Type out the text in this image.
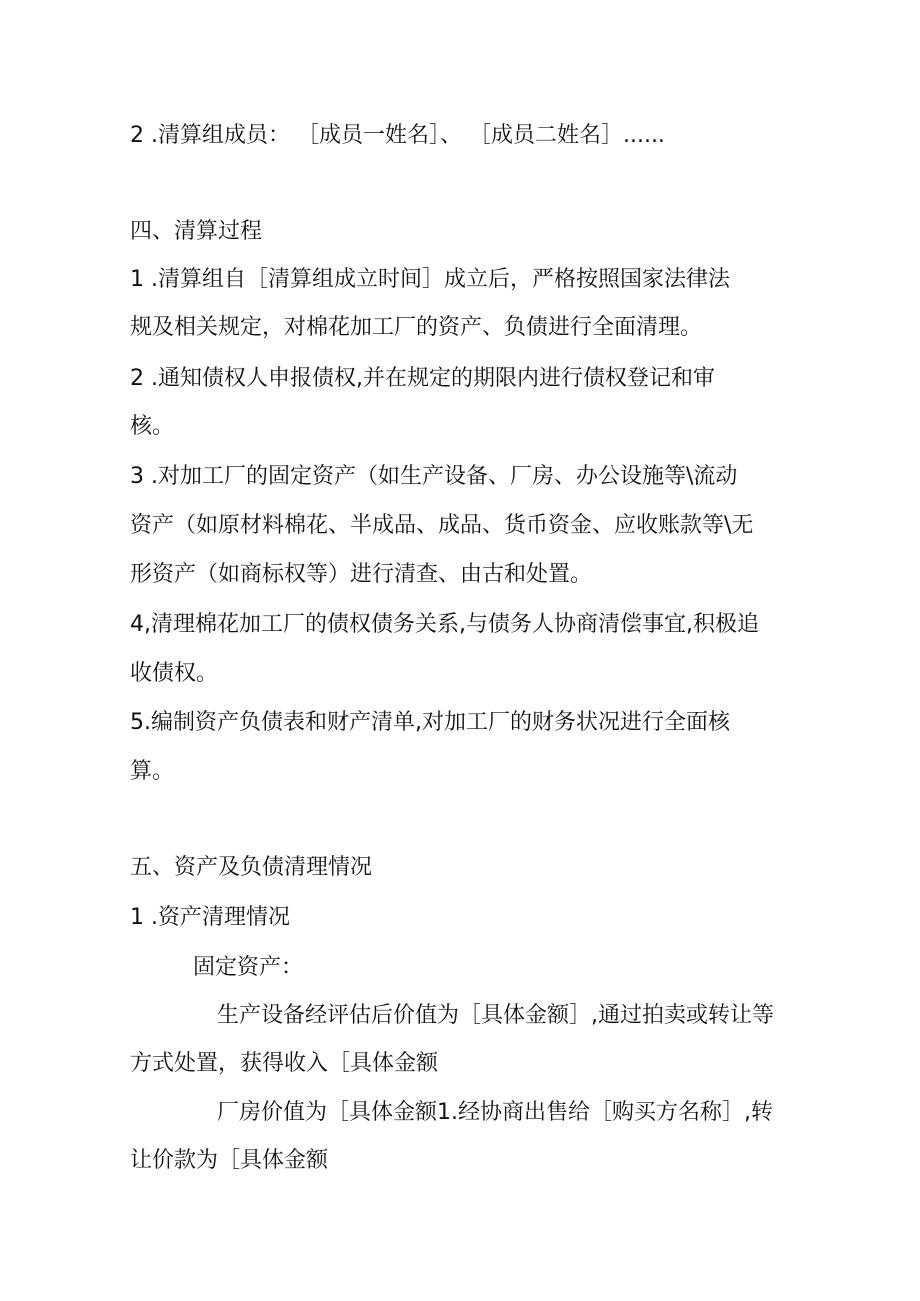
2 .清算组成员： ［成员一姓名］、 ［成员二姓名］......
四、清算过程
1 .清算组自［清算组成立时间］成立后，严格按照国家法律法
规及相关规定，对棉花加工厂的资产、负债进行全面清理。
2 .通知债权人申报债权,并在规定的期限内进行债权登记和审
核。
3 .对加工厂的固定资产（如生产设备、厂房、办公设施等\流动
资产（如原材料棉花、半成品、成品、货币资金、应收账款等\无
形资产（如商标权等）进行清查、由古和处置。
4,清理棉花加工厂的债权债务关系,与债务人协商清偿事宜,积极追
收债权。
5.编制资产负债表和财产清单,对加工厂的财务状况进行全面核
算。
五、资产及负债清理情况
1 .资产清理情况
固定资产：
生产设备经评估后价值为［具体金额］,通过拍卖或转让等
方式处置，获得收入［具体金额
厂房价值为［具体金额1.经协商出售给［购买方名称］,转
让价款为［具体金额
